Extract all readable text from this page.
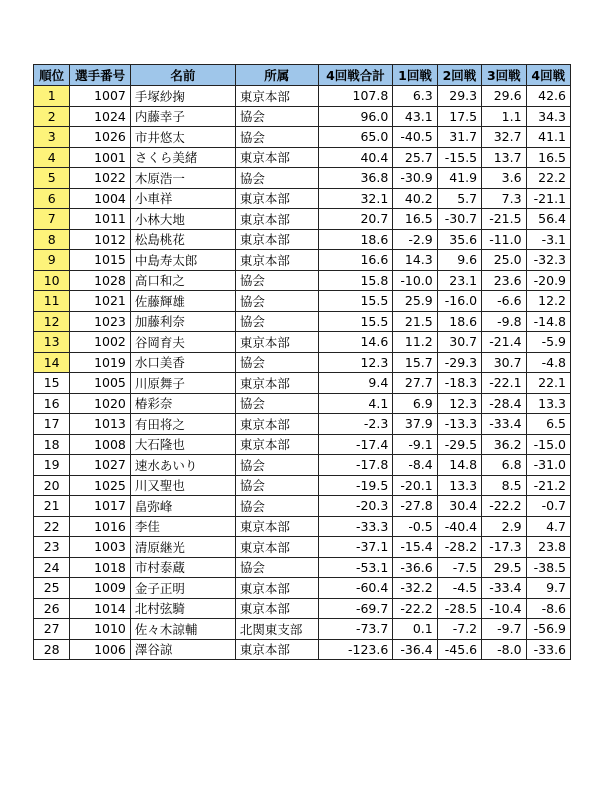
順位	選手番号	名前	所属	4回戦合計	1回戦	2回戦	3回戦	4回戦
1	1007	手塚紗掬	東京本部	107.8	6.3	29.3	29.6	42.6
2	1024	内藤幸子	協会	96.0	43.1	17.5	1.1	34.3
3	1026	市井悠太	協会	65.0	-40.5	31.7	32.7	41.1
4	1001	さくら美緒	東京本部	40.4	25.7	-15.5	13.7	16.5
5	1022	木原浩一	協会	36.8	-30.9	41.9	3.6	22.2
6	1004	小車祥	東京本部	32.1	40.2	5.7	7.3	-21.1
7	1011	小林大地	東京本部	20.7	16.5	-30.7	-21.5	56.4
8	1012	松島桃花	東京本部	18.6	-2.9	35.6	-11.0	-3.1
9	1015	中島寿太郎	東京本部	16.6	14.3	9.6	25.0	-32.3
10	1028	高口和之	協会	15.8	-10.0	23.1	23.6	-20.9
11	1021	佐藤輝雄	協会	15.5	25.9	-16.0	-6.6	12.2
12	1023	加藤利奈	協会	15.5	21.5	18.6	-9.8	-14.8
13	1002	谷岡育夫	東京本部	14.6	11.2	30.7	-21.4	-5.9
14	1019	水口美香	協会	12.3	15.7	-29.3	30.7	-4.8
15	1005	川原舞子	東京本部	9.4	27.7	-18.3	-22.1	22.1
16	1020	椿彩奈	協会	4.1	6.9	12.3	-28.4	13.3
17	1013	有田将之	東京本部	-2.3	37.9	-13.3	-33.4	6.5
18	1008	大石隆也	東京本部	-17.4	-9.1	-29.5	36.2	-15.0
19	1027	速水あいり	協会	-17.8	-8.4	14.8	6.8	-31.0
20	1025	川又聖也	協会	-19.5	-20.1	13.3	8.5	-21.2
21	1017	畠弥峰	協会	-20.3	-27.8	30.4	-22.2	-0.7
22	1016	李佳	東京本部	-33.3	-0.5	-40.4	2.9	4.7
23	1003	清原継光	東京本部	-37.1	-15.4	-28.2	-17.3	23.8
24	1018	市村泰蔵	協会	-53.1	-36.6	-7.5	29.5	-38.5
25	1009	金子正明	東京本部	-60.4	-32.2	-4.5	-33.4	9.7
26	1014	北村弦騎	東京本部	-69.7	-22.2	-28.5	-10.4	-8.6
27	1010	佐々木諒輔	北関東支部	-73.7	0.1	-7.2	-9.7	-56.9
28	1006	澤谷諒	東京本部	-123.6	-36.4	-45.6	-8.0	-33.6
